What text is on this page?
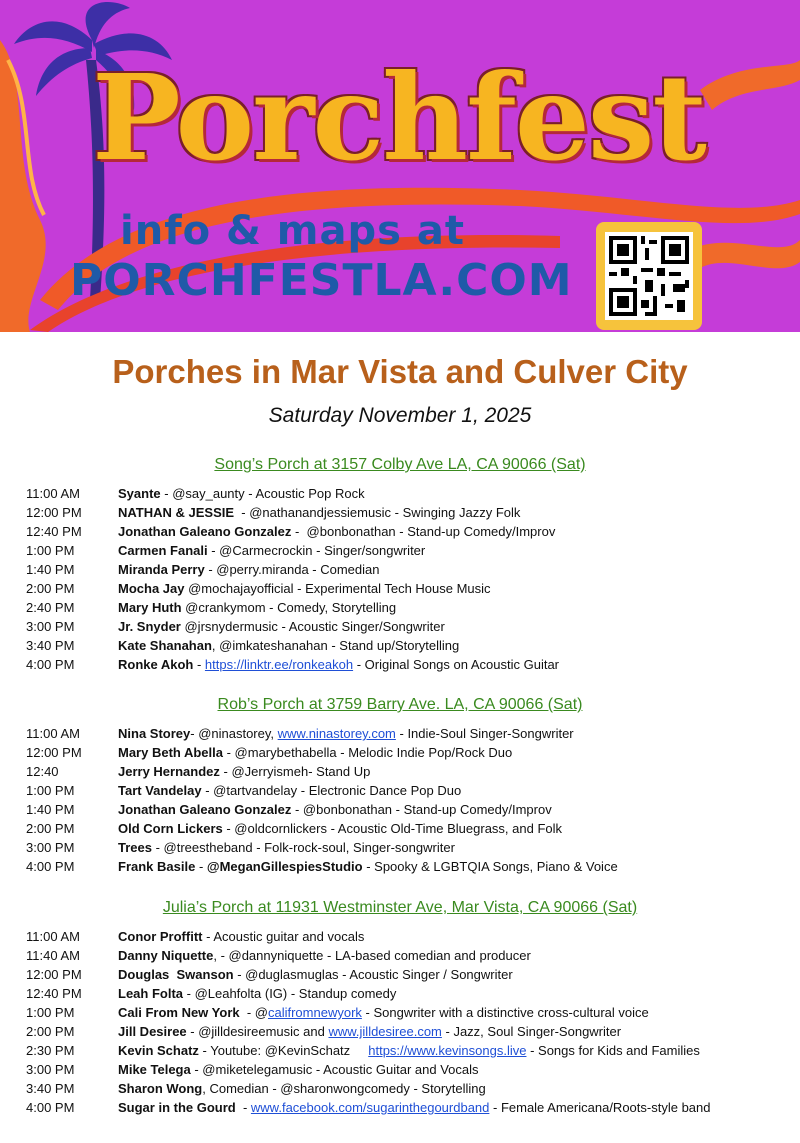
Porchfest
info & maps at
PORCHFESTLA.COM
Porches in Mar Vista and Culver City
Saturday November 1, 2025
Song’s Porch at 3157 Colby Ave LA, CA 90066 (Sat)
11:00 AM	Syante - @say_aunty - Acoustic Pop Rock
12:00 PM	NATHAN & JESSIE  - @nathanandjessiemusic - Swinging Jazzy Folk
12:40 PM	Jonathan Galeano Gonzalez -  @bonbonathan - Stand-up Comedy/Improv
1:00 PM	Carmen Fanali - @Carmecrockin - Singer/songwriter
1:40 PM	Miranda Perry - @perry.miranda - Comedian
2:00 PM	Mocha Jay @mochajayofficial - Experimental Tech House Music
2:40 PM	Mary Huth @crankymom - Comedy, Storytelling
3:00 PM	Jr. Snyder @jrsnydermusic - Acoustic Singer/Songwriter
3:40 PM	Kate Shanahan, @imkateshanahan - Stand up/Storytelling
4:00 PM	Ronke Akoh - https://linktr.ee/ronkeakoh - Original Songs on Acoustic Guitar
Rob’s Porch at 3759 Barry Ave. LA, CA 90066 (Sat)
11:00 AM	Nina Storey- @ninastorey, www.ninastorey.com - Indie-Soul Singer-Songwriter
12:00 PM	Mary Beth Abella - @marybethabella - Melodic Indie Pop/Rock Duo
12:40	Jerry Hernandez - @Jerryismeh- Stand Up
1:00 PM	Tart Vandelay - @tartvandelay - Electronic Dance Pop Duo
1:40 PM	Jonathan Galeano Gonzalez - @bonbonathan - Stand-up Comedy/Improv
2:00 PM	Old Corn Lickers - @oldcornlickers - Acoustic Old-Time Bluegrass, and Folk
3:00 PM	Trees - @treestheband - Folk-rock-soul, Singer-songwriter
4:00 PM	Frank Basile - @MeganGillespiesStudio - Spooky & LGBTQIA Songs, Piano & Voice
Julia’s Porch at 11931 Westminster Ave, Mar Vista, CA 90066 (Sat)
11:00 AM	Conor Proffitt - Acoustic guitar and vocals
11:40 AM	Danny Niquette, - @dannyniquette - LA-based comedian and producer
12:00 PM	Douglas  Swanson - @duglasmuglas - Acoustic Singer / Songwriter
12:40 PM	Leah Folta - @Leahfolta (IG) - Standup comedy
1:00 PM	Cali From New York  - @califromnewyork - Songwriter with a distinctive cross-cultural voice
2:00 PM	Jill Desiree - @jilldesireemusic and www.jilldesiree.com - Jazz, Soul Singer-Songwriter
2:30 PM	Kevin Schatz - Youtube: @KevinSchatz     https://www.kevinsongs.live - Songs for Kids and Families
3:00 PM	Mike Telega - @miketelegamusic - Acoustic Guitar and Vocals
3:40 PM	Sharon Wong, Comedian - @sharonwongcomedy - Storytelling
4:00 PM	Sugar in the Gourd  - www.facebook.com/sugarinthegourdband - Female Americana/Roots-style band
